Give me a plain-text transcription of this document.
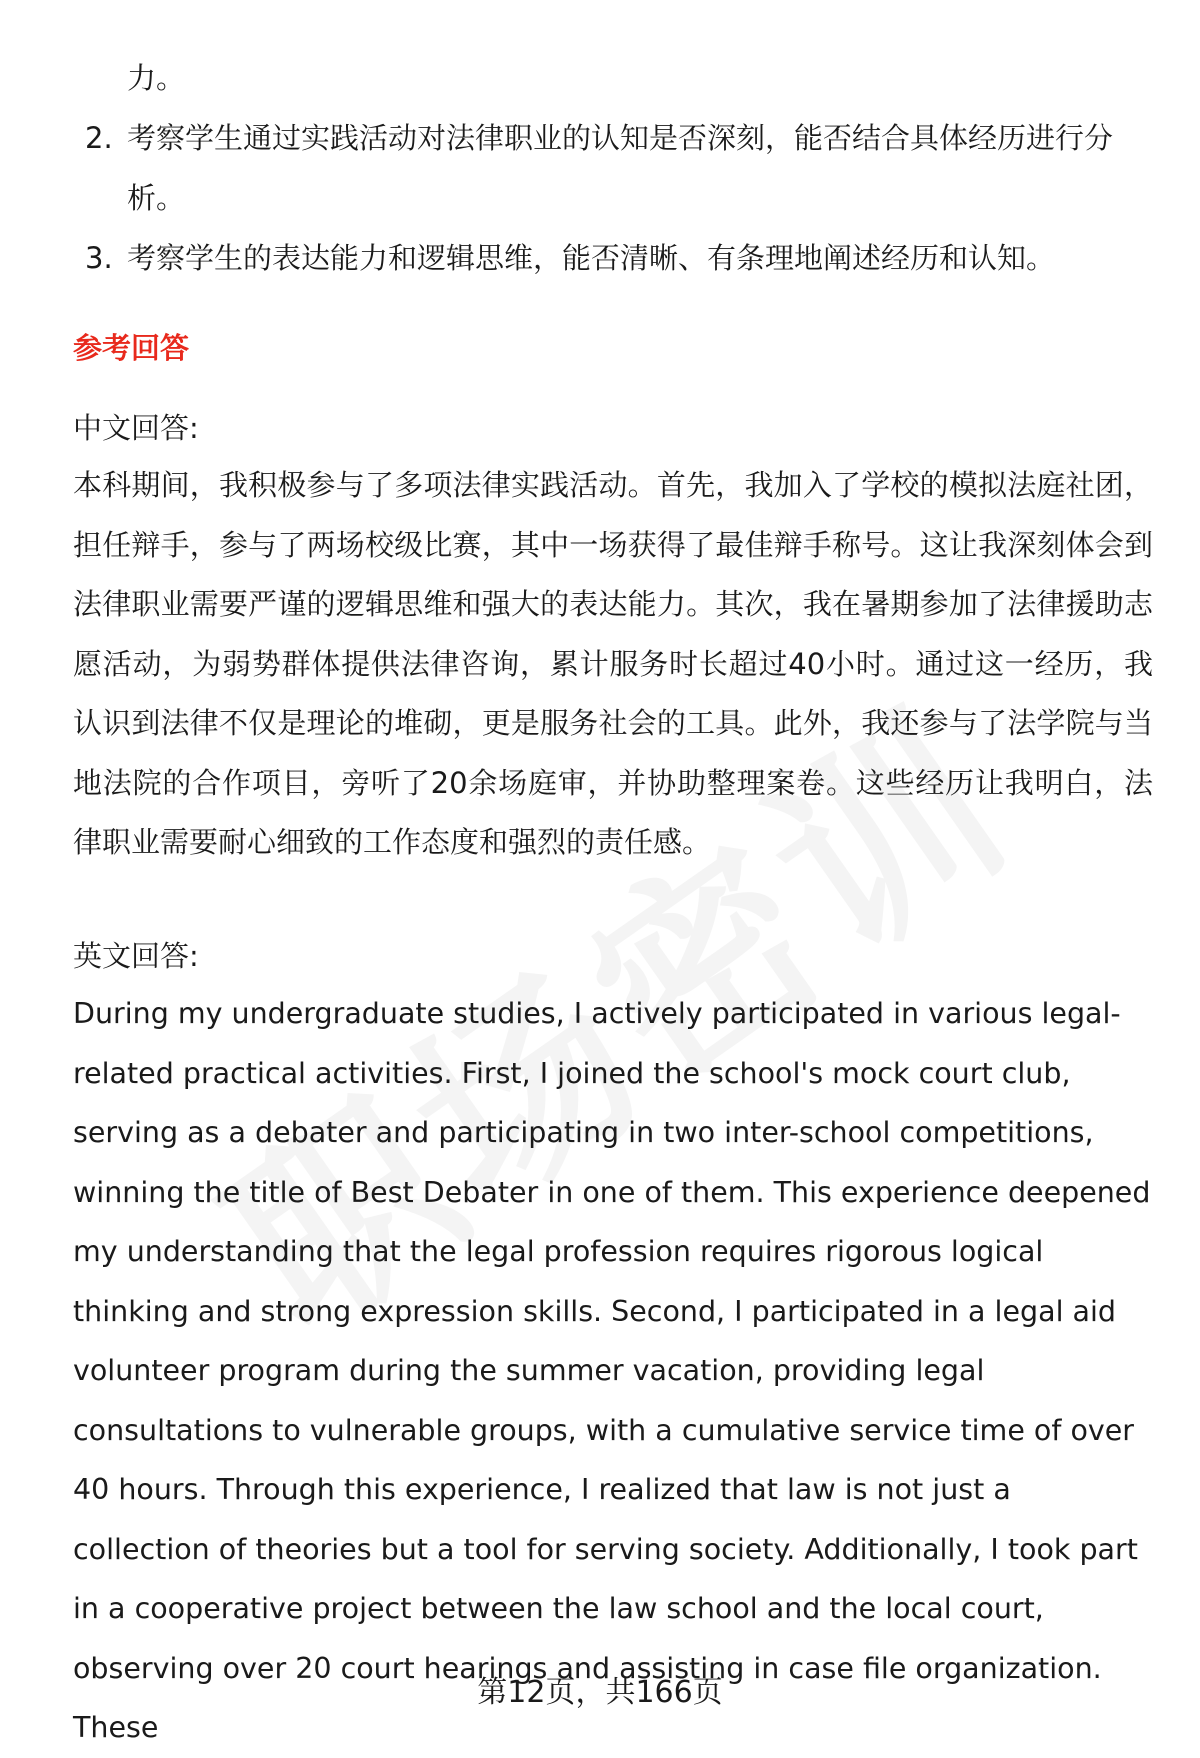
力。
2. 考察学生通过实践活动对法律职业的认知是否深刻，能否结合具体经历进行分析。
3. 考察学生的表达能力和逻辑思维，能否清晰、有条理地阐述经历和认知。
参考回答
中文回答:
本科期间，我积极参与了多项法律实践活动。首先，我加入了学校的模拟法庭社团，担任辩手，参与了两场校级比赛，其中一场获得了最佳辩手称号。这让我深刻体会到法律职业需要严谨的逻辑思维和强大的表达能力。其次，我在暑期参加了法律援助志愿活动，为弱势群体提供法律咨询，累计服务时长超过40小时。通过这一经历，我认识到法律不仅是理论的堆砌，更是服务社会的工具。此外，我还参与了法学院与当地法院的合作项目，旁听了20余场庭审，并协助整理案卷。这些经历让我明白，法律职业需要耐心细致的工作态度和强烈的责任感。
英文回答:
During my undergraduate studies, I actively participated in various legal-related practical activities. First, I joined the school's mock court club, serving as a debater and participating in two inter-school competitions, winning the title of Best Debater in one of them. This experience deepened my understanding that the legal profession requires rigorous logical thinking and strong expression skills. Second, I participated in a legal aid volunteer program during the summer vacation, providing legal consultations to vulnerable groups, with a cumulative service time of over 40 hours. Through this experience, I realized that law is not just a collection of theories but a tool for serving society. Additionally, I took part in a cooperative project between the law school and the local court, observing over 20 court hearings and assisting in case file organization. These
第12页，共166页
